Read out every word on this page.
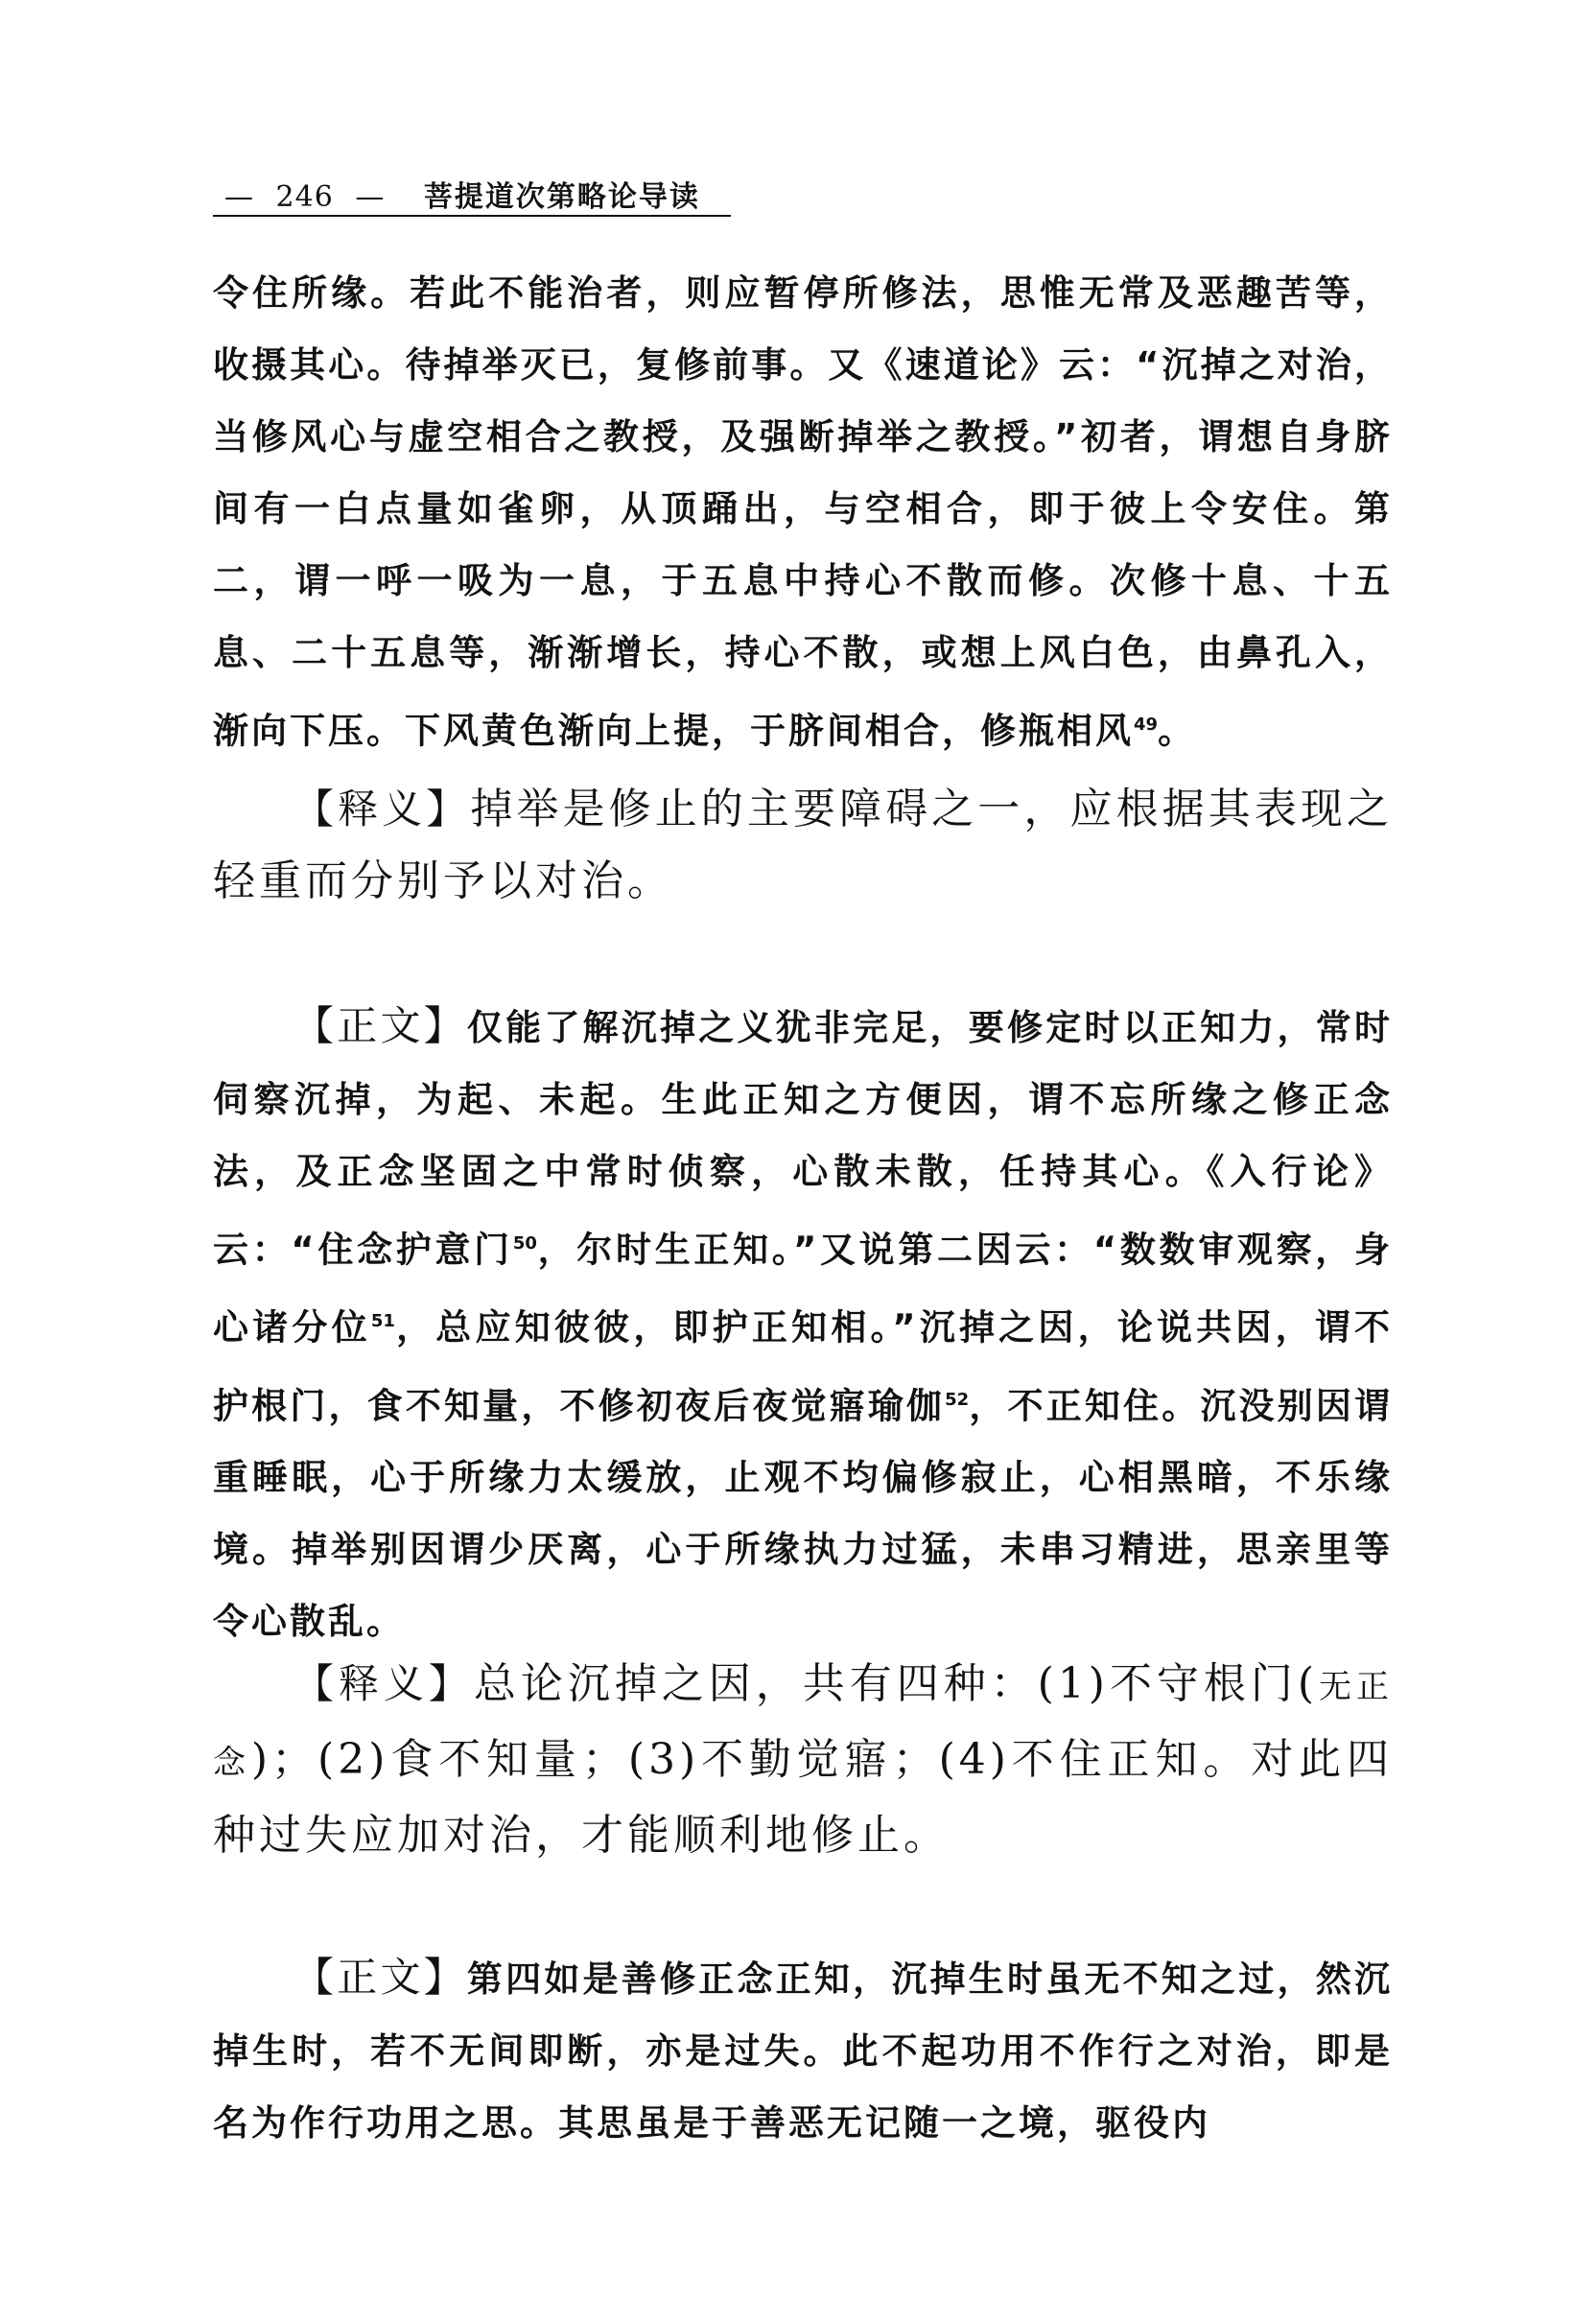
— 246 — 菩提道次第略论导读

令住所缘。若此不能治者，则应暂停所修法，思惟无常及恶趣苦等，收摄其心。待掉举灭已，复修前事。又《速道论》云：“沉掉之对治，当修风心与虚空相合之教授，及强断掉举之教授。”初者，谓想自身脐间有一白点量如雀卵，从顶踊出，与空相合，即于彼上令安住。第二，谓一呼一吸为一息，于五息中持心不散而修。次修十息、十五息、二十五息等，渐渐增长，持心不散，或想上风白色，由鼻孔入，渐向下压。下风黄色渐向上提，于脐间相合，修瓶相风$^{49}$。

【释义】掉举是修止的主要障碍之一，应根据其表现之轻重而分别予以对治。

【正文】仅能了解沉掉之义犹非完足，要修定时以正知力，常时伺察沉掉，为起、未起。生此正知之方便因，谓不忘所缘之修正念法，及正念坚固之中常时侦察，心散未散，任持其心。《入行论》云：“住念护意门$^{50}$，尔时生正知。”又说第二因云：“数数审观察，身心诸分位$^{51}$，总应知彼彼，即护正知相。”沉掉之因，论说共因，谓不护根门，食不知量，不修初夜后夜觉寤瑜伽$^{52}$，不正知住。沉没别因谓重睡眠，心于所缘力太缓放，止观不均偏修寂止，心相黑暗，不乐缘境。掉举别因谓少厌离，心于所缘执力过猛，未串习精进，思亲里等令心散乱。

【释义】总论沉掉之因，共有四种：(1)不守根门(无正念)；(2)食不知量；(3)不勤觉寤；(4)不住正知。对此四种过失应加对治，才能顺利地修止。

【正文】第四如是善修正念正知，沉掉生时虽无不知之过，然沉掉生时，若不无间即断，亦是过失。此不起功用不作行之对治，即是名为作行功用之思。其思虽是于善恶无记随一之境，驱役内
